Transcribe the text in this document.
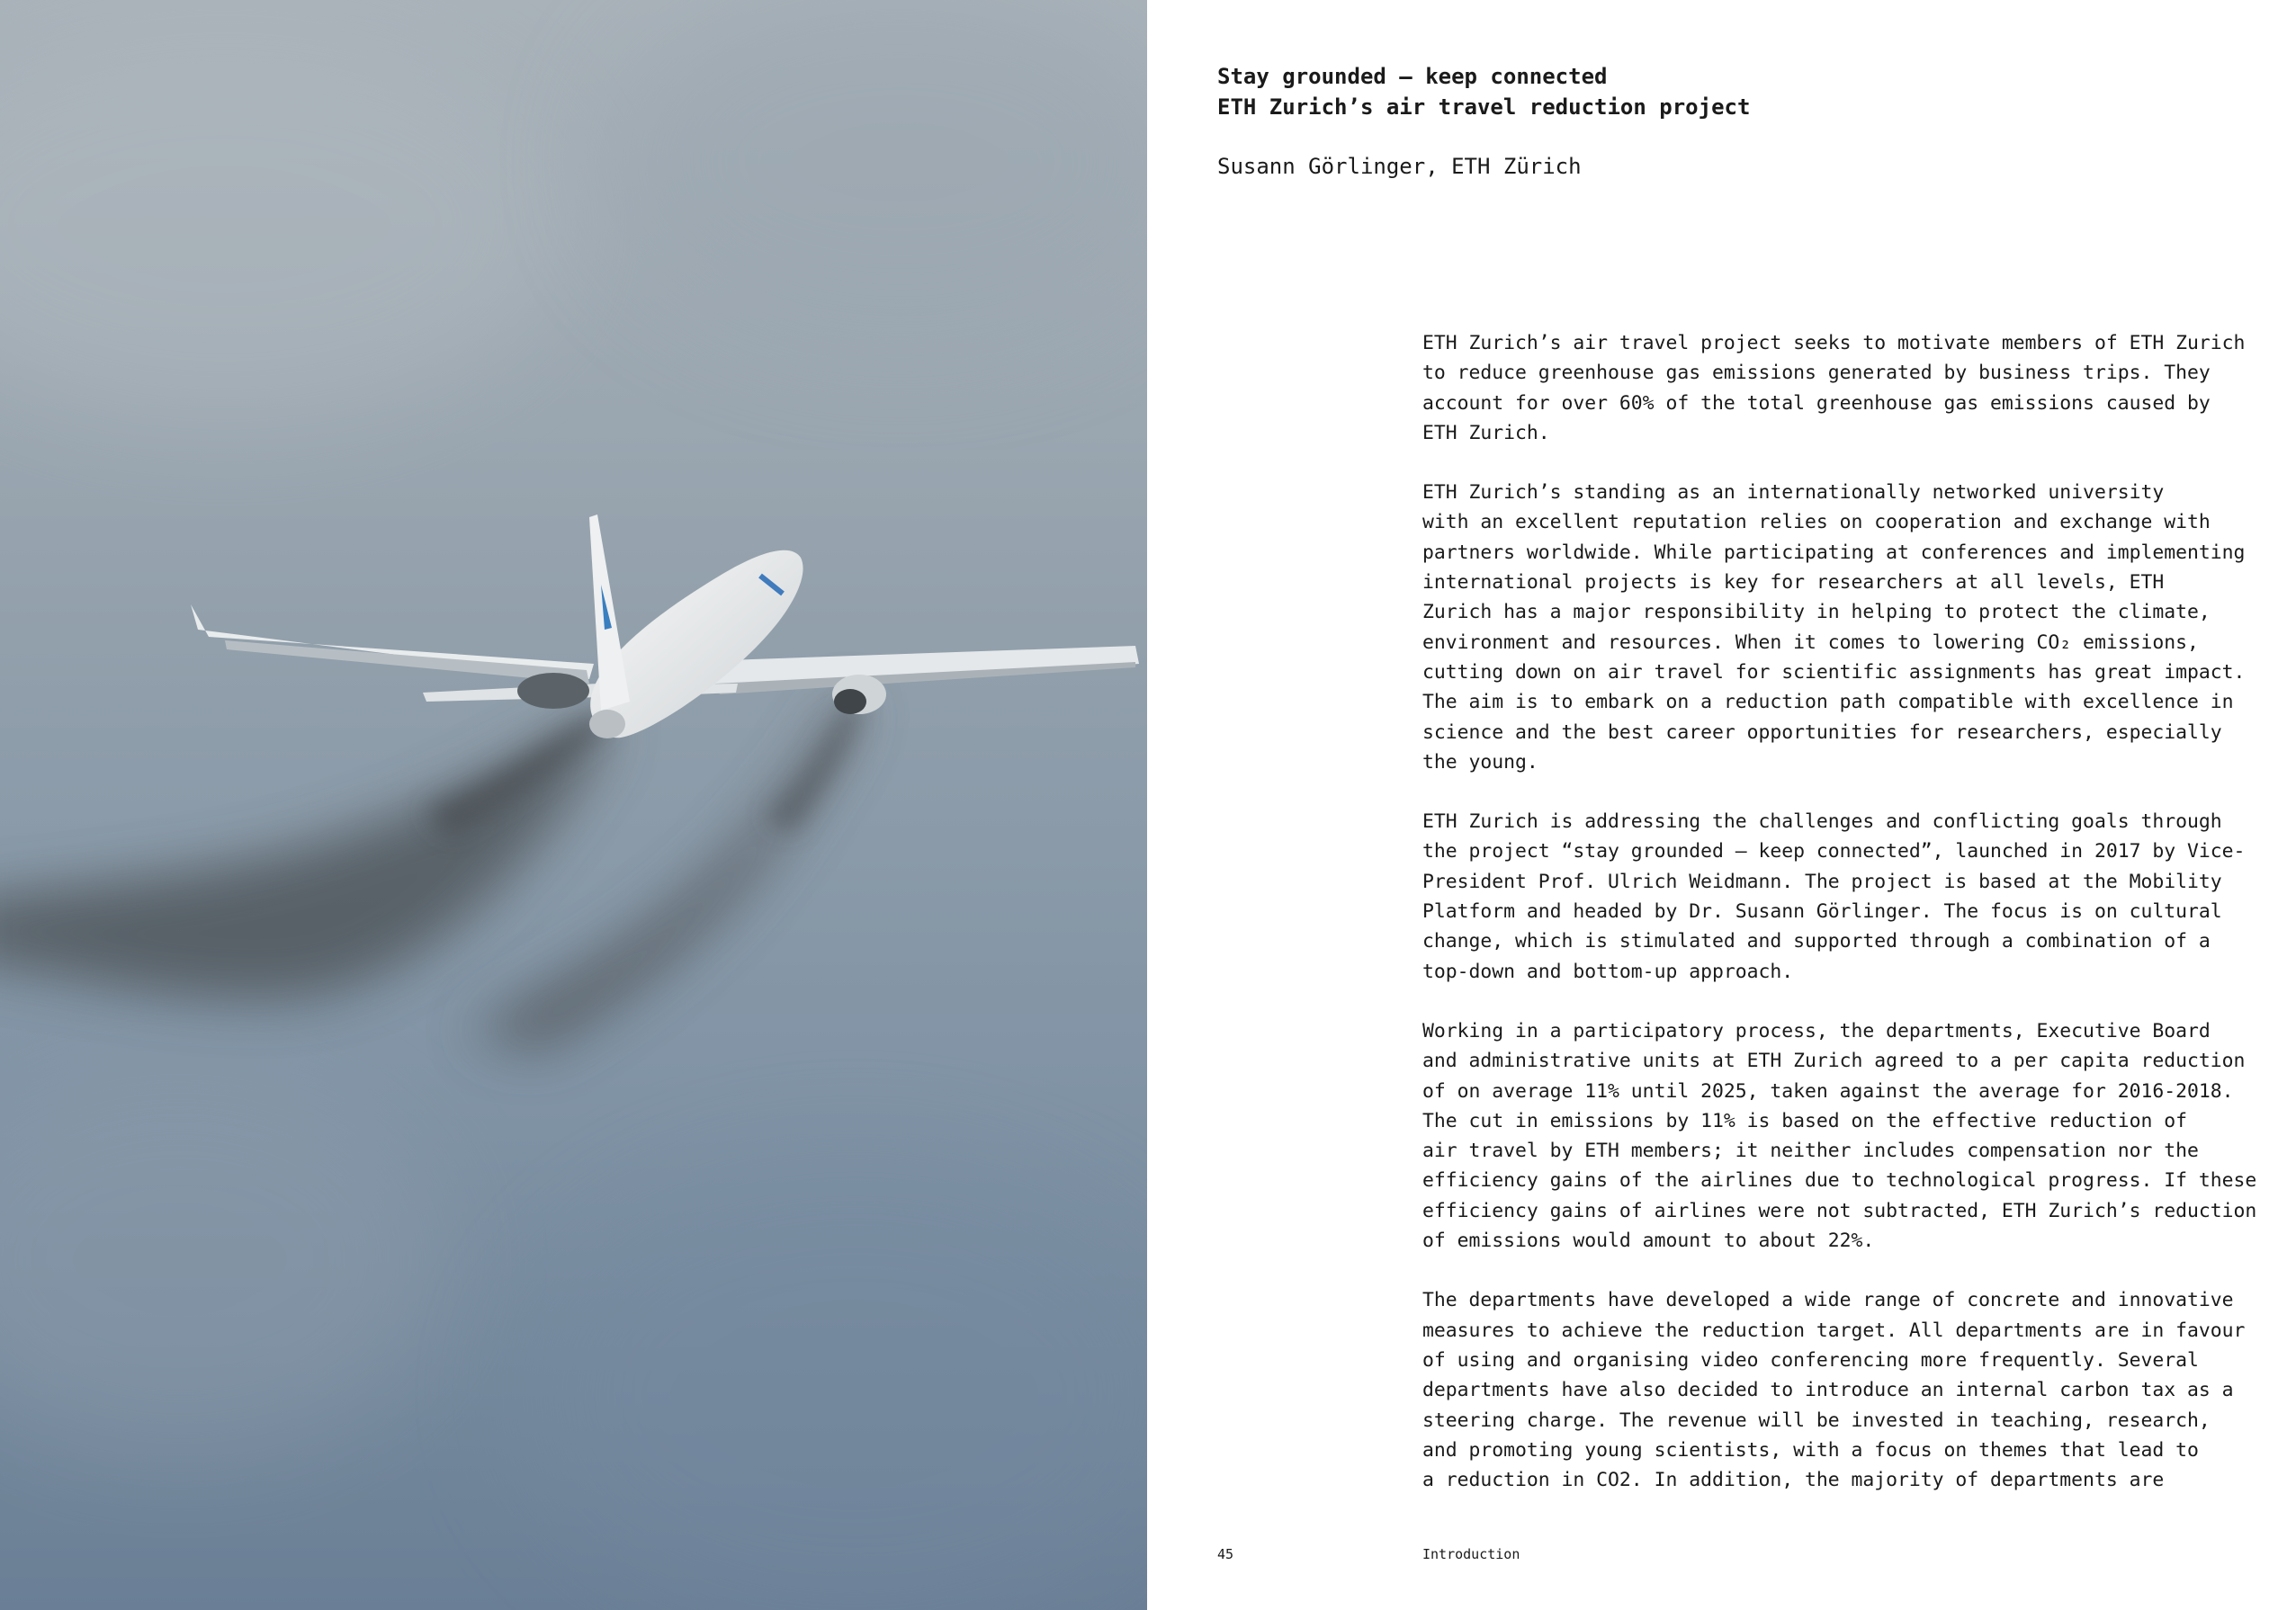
Stay grounded – keep connected
ETH Zurich’s air travel reduction project

Susann Görlinger, ETH Zürich

ETH Zurich’s air travel project seeks to motivate members of ETH Zurich
to reduce greenhouse gas emissions generated by business trips. They
account for over 60% of the total greenhouse gas emissions caused by
ETH Zurich.

ETH Zurich’s standing as an internationally networked university
with an excellent reputation relies on cooperation and exchange with
partners worldwide. While participating at conferences and implementing
international projects is key for researchers at all levels, ETH
Zurich has a major responsibility in helping to protect the climate,
environment and resources. When it comes to lowering CO₂ emissions,
cutting down on air travel for scientific assignments has great impact.
The aim is to embark on a reduction path compatible with excellence in
science and the best career opportunities for researchers, especially
the young.

ETH Zurich is addressing the challenges and conflicting goals through
the project “stay grounded – keep connected”, launched in 2017 by Vice-
President Prof. Ulrich Weidmann. The project is based at the Mobility
Platform and headed by Dr. Susann Görlinger. The focus is on cultural
change, which is stimulated and supported through a combination of a
top-down and bottom-up approach.

Working in a participatory process, the departments, Executive Board
and administrative units at ETH Zurich agreed to a per capita reduction
of on average 11% until 2025, taken against the average for 2016-2018.
The cut in emissions by 11% is based on the effective reduction of
air travel by ETH members; it neither includes compensation nor the
efficiency gains of the airlines due to technological progress. If these
efficiency gains of airlines were not subtracted, ETH Zurich’s reduction
of emissions would amount to about 22%.

The departments have developed a wide range of concrete and innovative
measures to achieve the reduction target. All departments are in favour
of using and organising video conferencing more frequently. Several
departments have also decided to introduce an internal carbon tax as a
steering charge. The revenue will be invested in teaching, research,
and promoting young scientists, with a focus on themes that lead to
a reduction in CO2. In addition, the majority of departments are

45	Introduction
